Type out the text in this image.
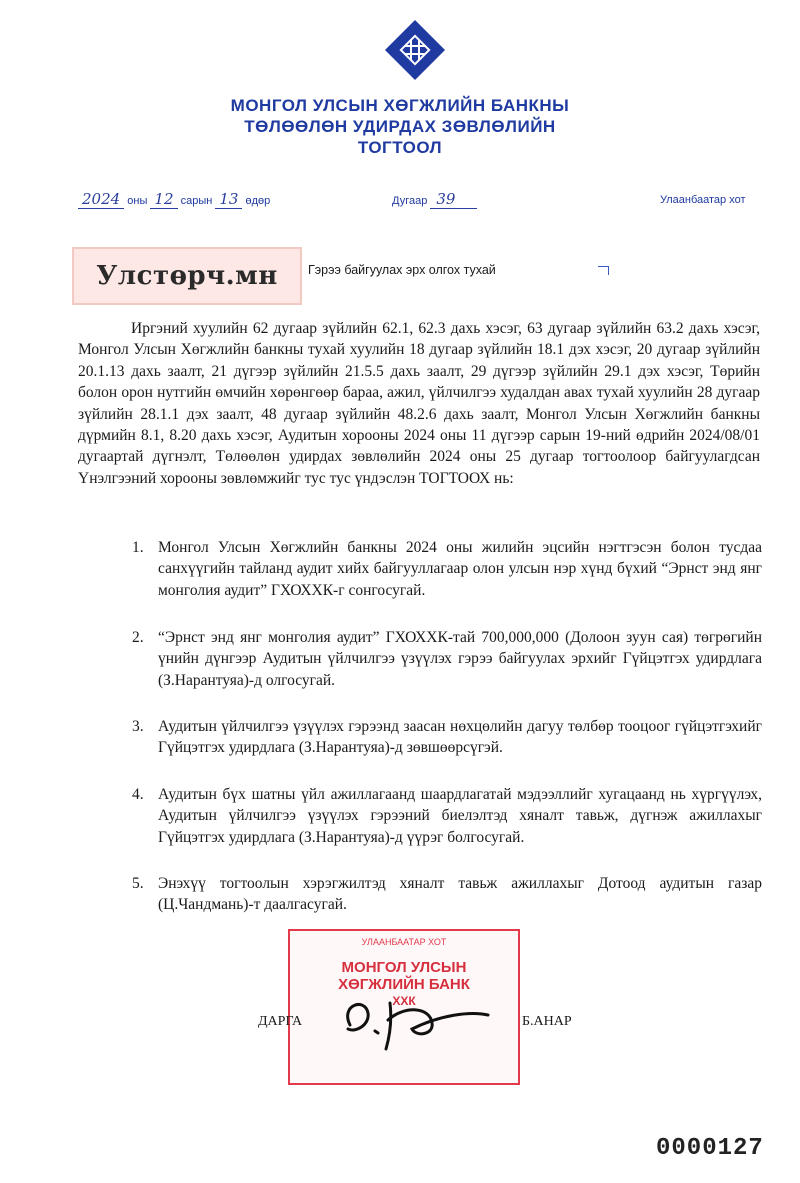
МОНГОЛ УЛСЫН ХӨГЖЛИЙН БАНКНЫ
ТӨЛӨӨЛӨН УДИРДАХ ЗӨВЛӨЛИЙН
ТОГТООЛ
2024 оны 12 сарын 13 өдөр	Дугаар 39	Улаанбаатар хот
Улстөрч.мн Гэрээ байгуулах эрх олгох тухай
Иргэний хуулийн 62 дугаар зүйлийн 62.1, 62.3 дахь хэсэг, 63 дугаар зүйлийн 63.2 дахь хэсэг, Монгол Улсын Хөгжлийн банкны тухай хуулийн 18 дугаар зүйлийн 18.1 дэх хэсэг, 20 дугаар зүйлийн 20.1.13 дахь заалт, 21 дүгээр зүйлийн 21.5.5 дахь заалт, 29 дүгээр зүйлийн 29.1 дэх хэсэг, Төрийн болон орон нутгийн өмчийн хөрөнгөөр бараа, ажил, үйлчилгээ худалдан авах тухай хуулийн 28 дугаар зүйлийн 28.1.1 дэх заалт, 48 дугаар зүйлийн 48.2.6 дахь заалт, Монгол Улсын Хөгжлийн банкны дүрмийн 8.1, 8.20 дахь хэсэг, Аудитын хорооны 2024 оны 11 дүгээр сарын 19-ний өдрийн 2024/08/01 дугаартай дүгнэлт, Төлөөлөн удирдах зөвлөлийн 2024 оны 25 дугаар тогтоолоор байгуулагдсан Үнэлгээний хорооны зөвлөмжийг тус тус үндэслэн ТОГТООХ нь:
1. Монгол Улсын Хөгжлийн банкны 2024 оны жилийн эцсийн нэгтгэсэн болон тусдаа санхүүгийн тайланд аудит хийх байгууллагаар олон улсын нэр хүнд бүхий “Эрнст энд янг монголия аудит” ГХОХХК-г сонгосугай.
2. “Эрнст энд янг монголия аудит” ГХОХХК-тай 700,000,000 (Долоон зуун сая) төгрөгийн үнийн дүнгээр Аудитын үйлчилгээ үзүүлэх гэрээ байгуулах эрхийг Гүйцэтгэх удирдлага (З.Нарантуяа)-д олгосугай.
3. Аудитын үйлчилгээ үзүүлэх гэрээнд заасан нөхцөлийн дагуу төлбөр тооцоог гүйцэтгэхийг Гүйцэтгэх удирдлага (З.Нарантуяа)-д зөвшөөрсүгэй.
4. Аудитын бүх шатны үйл ажиллагаанд шаардлагатай мэдээллийг хугацаанд нь хүргүүлэх, Аудитын үйлчилгээ үзүүлэх гэрээний биелэлтэд хяналт тавьж, дүгнэж ажиллахыг Гүйцэтгэх удирдлага (З.Нарантуяа)-д үүрэг болгосугай.
5. Энэхүү тогтоолын хэрэгжилтэд хяналт тавьж ажиллахыг Дотоод аудитын газар (Ц.Чандмань)-т даалгасугай.
УЛААНБААТАР ХОТ
МОНГОЛ УЛСЫН
ХӨГЖЛИЙН БАНК
ХХК
ДАРГА	Б.АНАР
0000127
